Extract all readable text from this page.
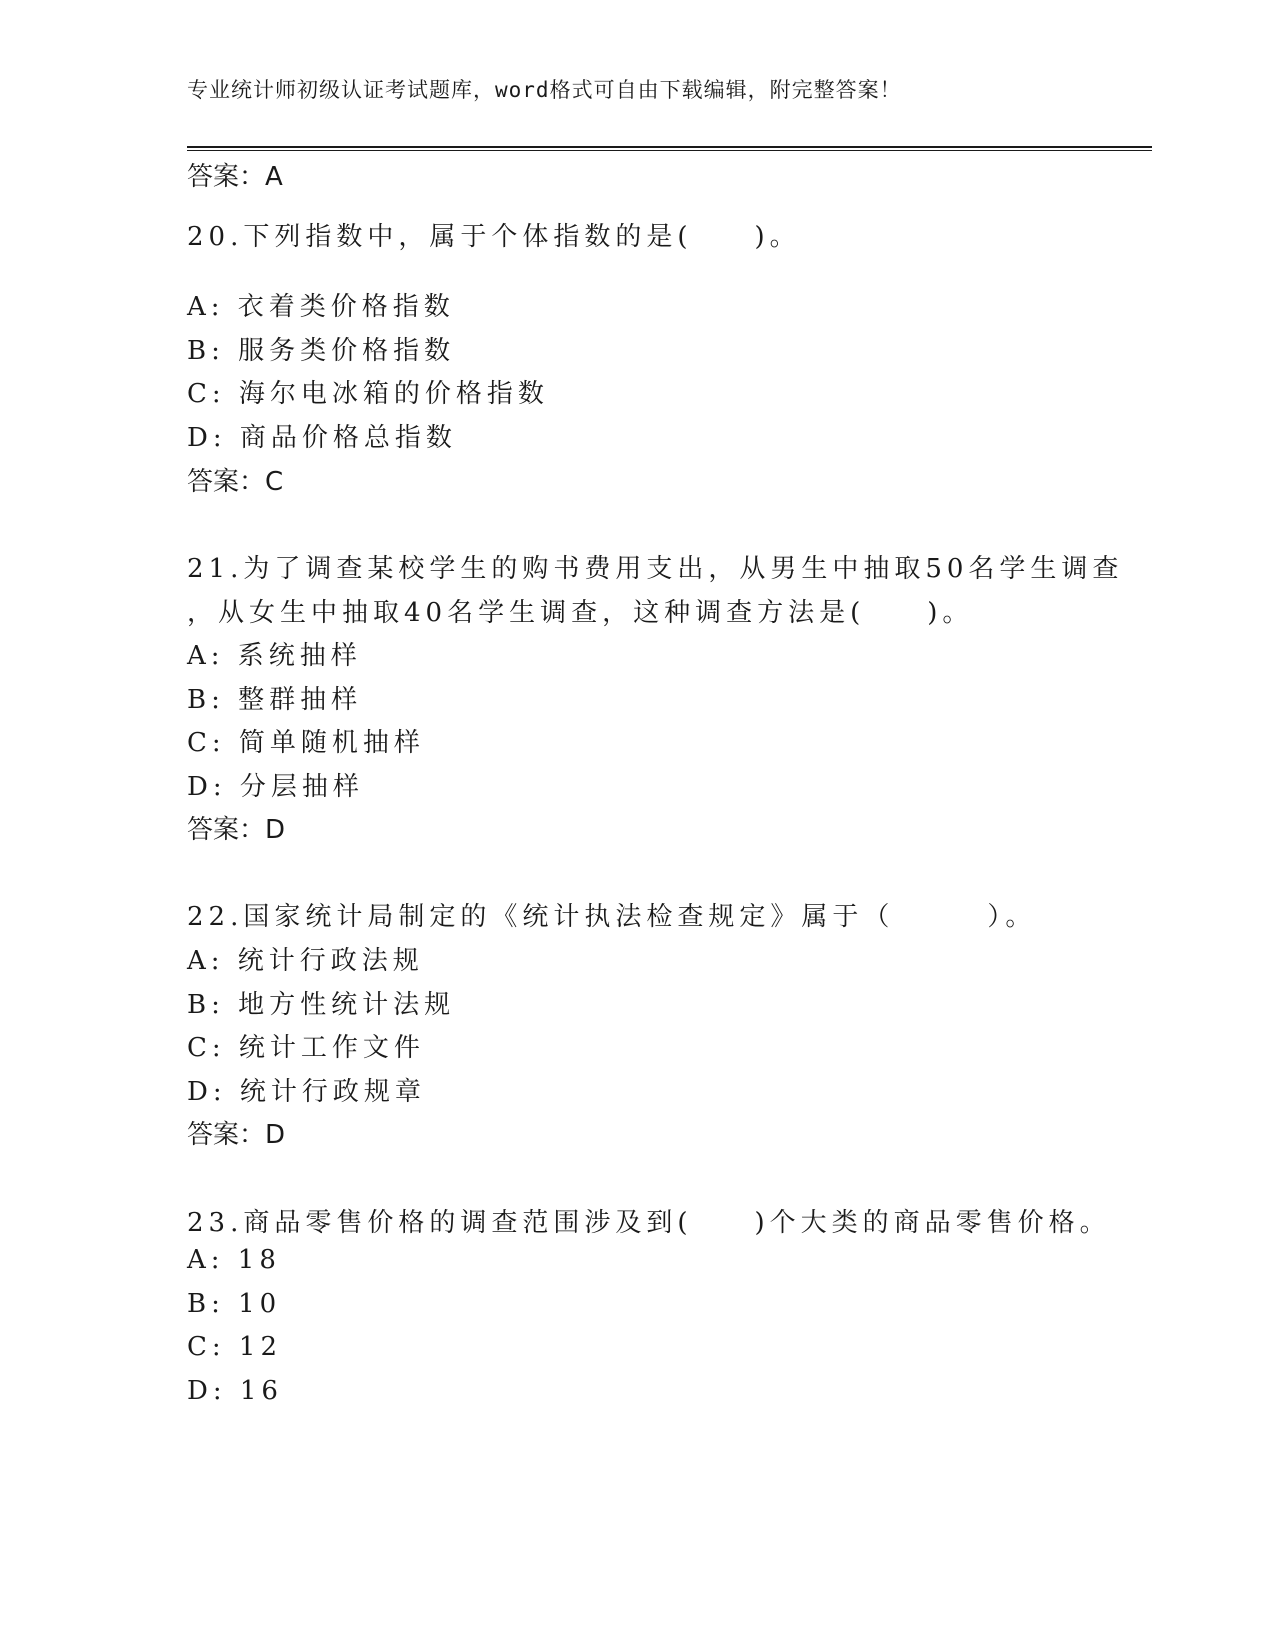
专业统计师初级认证考试题库，word格式可自由下载编辑，附完整答案！
答案：A
20.下列指数中，属于个体指数的是(　　)。
A: 衣着类价格指数
B: 服务类价格指数
C: 海尔电冰箱的价格指数
D: 商品价格总指数
答案：C
21.为了调查某校学生的购书费用支出，从男生中抽取50名学生调查
，从女生中抽取40名学生调查，这种调查方法是(　　)。
A: 系统抽样
B: 整群抽样
C: 简单随机抽样
D: 分层抽样
答案：D
22.国家统计局制定的《统计执法检查规定》属于（　　　）。
A: 统计行政法规
B: 地方性统计法规
C: 统计工作文件
D: 统计行政规章
答案：D
23.商品零售价格的调查范围涉及到(　　)个大类的商品零售价格。
A: 18
B: 10
C: 12
D: 16
